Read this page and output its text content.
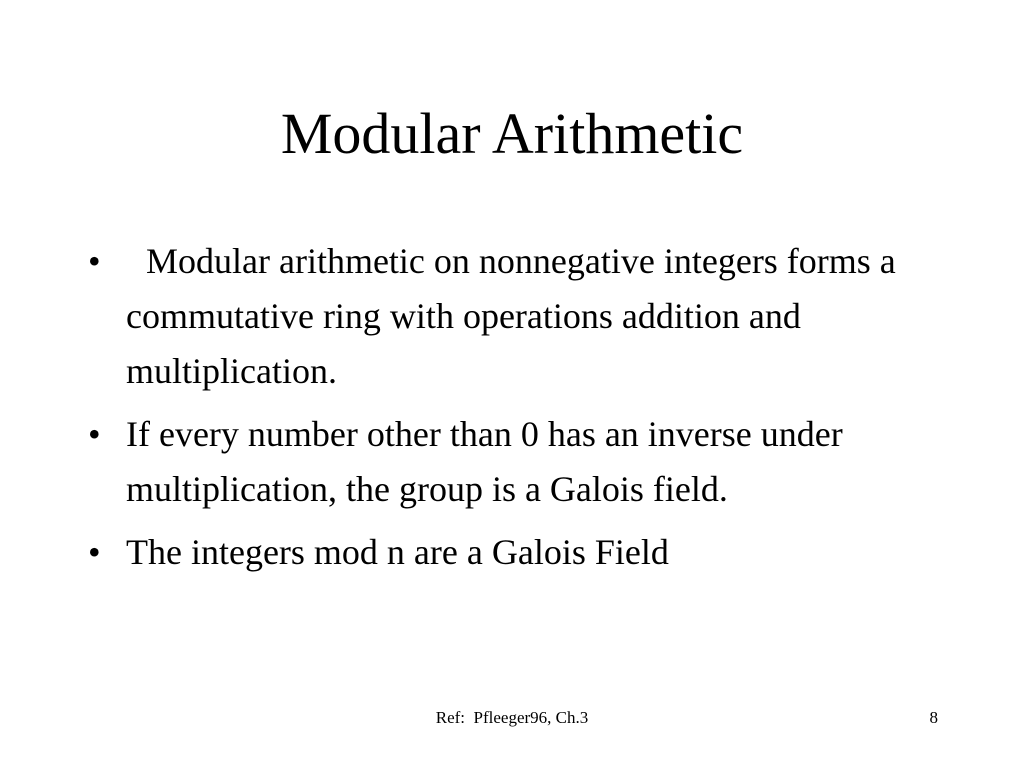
Modular Arithmetic
•	Modular arithmetic on nonnegative integers forms a commutative ring with operations addition and multiplication.
• If every number other than 0 has an inverse under multiplication, the group is a Galois field.
• The integers mod n are a Galois Field
Ref:  Pfleeger96, Ch.3	8
